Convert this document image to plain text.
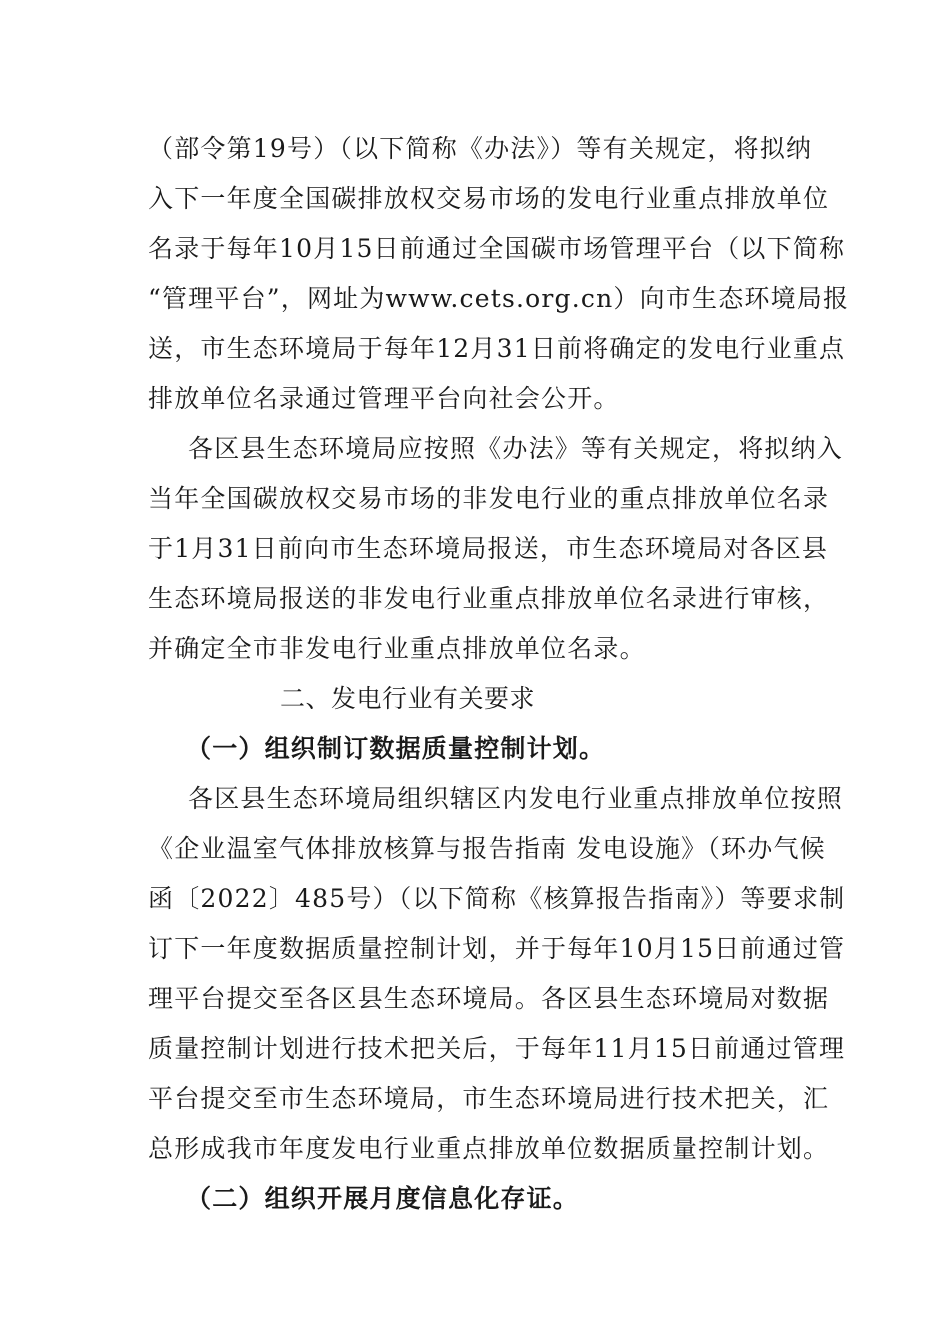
（部令第19号）（以下简称《办法》）等有关规定，将拟纳
入下一年度全国碳排放权交易市场的发电行业重点排放单位
名录于每年10月15日前通过全国碳市场管理平台（以下简称
“管理平台”，网址为www.cets.org.cn）向市生态环境局报
送，市生态环境局于每年12月31日前将确定的发电行业重点
排放单位名录通过管理平台向社会公开。
各区县生态环境局应按照《办法》等有关规定，将拟纳入
当年全国碳放权交易市场的非发电行业的重点排放单位名录
于1月31日前向市生态环境局报送，市生态环境局对各区县
生态环境局报送的非发电行业重点排放单位名录进行审核，
并确定全市非发电行业重点排放单位名录。
二、发电行业有关要求
（一）组织制订数据质量控制计划。
各区县生态环境局组织辖区内发电行业重点排放单位按照
《企业温室气体排放核算与报告指南 发电设施》（环办气候
函〔2022〕485号）（以下简称《核算报告指南》）等要求制
订下一年度数据质量控制计划，并于每年10月15日前通过管
理平台提交至各区县生态环境局。各区县生态环境局对数据
质量控制计划进行技术把关后，于每年11月15日前通过管理
平台提交至市生态环境局，市生态环境局进行技术把关，汇
总形成我市年度发电行业重点排放单位数据质量控制计划。
（二）组织开展月度信息化存证。
